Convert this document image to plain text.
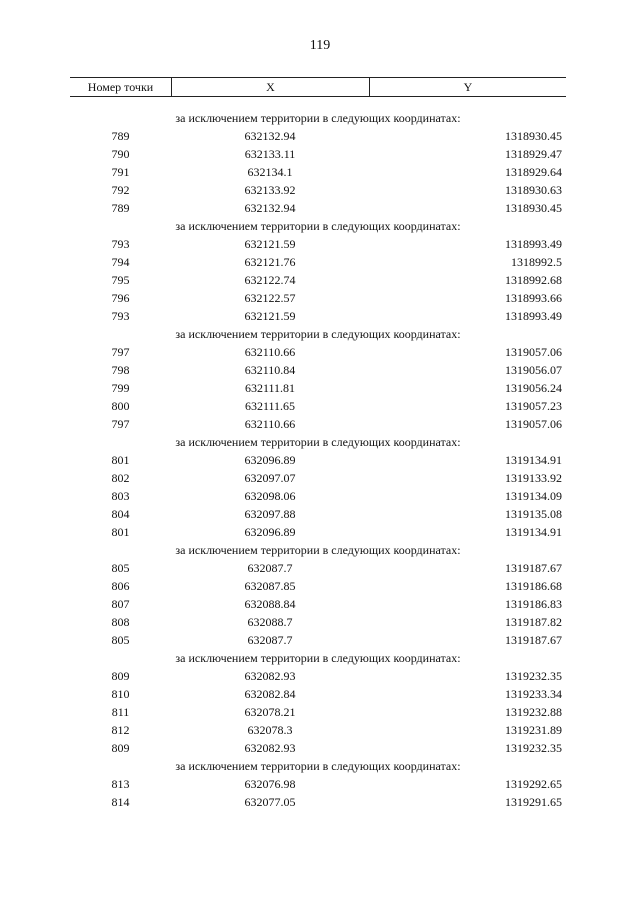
119
Номер точки	X	Y
за исключением территории в следующих координатах:
789	632132.94	1318930.45
790	632133.11	1318929.47
791	632134.1	1318929.64
792	632133.92	1318930.63
789	632132.94	1318930.45
за исключением территории в следующих координатах:
793	632121.59	1318993.49
794	632121.76	1318992.5
795	632122.74	1318992.68
796	632122.57	1318993.66
793	632121.59	1318993.49
за исключением территории в следующих координатах:
797	632110.66	1319057.06
798	632110.84	1319056.07
799	632111.81	1319056.24
800	632111.65	1319057.23
797	632110.66	1319057.06
за исключением территории в следующих координатах:
801	632096.89	1319134.91
802	632097.07	1319133.92
803	632098.06	1319134.09
804	632097.88	1319135.08
801	632096.89	1319134.91
за исключением территории в следующих координатах:
805	632087.7	1319187.67
806	632087.85	1319186.68
807	632088.84	1319186.83
808	632088.7	1319187.82
805	632087.7	1319187.67
за исключением территории в следующих координатах:
809	632082.93	1319232.35
810	632082.84	1319233.34
811	632078.21	1319232.88
812	632078.3	1319231.89
809	632082.93	1319232.35
за исключением территории в следующих координатах:
813	632076.98	1319292.65
814	632077.05	1319291.65
